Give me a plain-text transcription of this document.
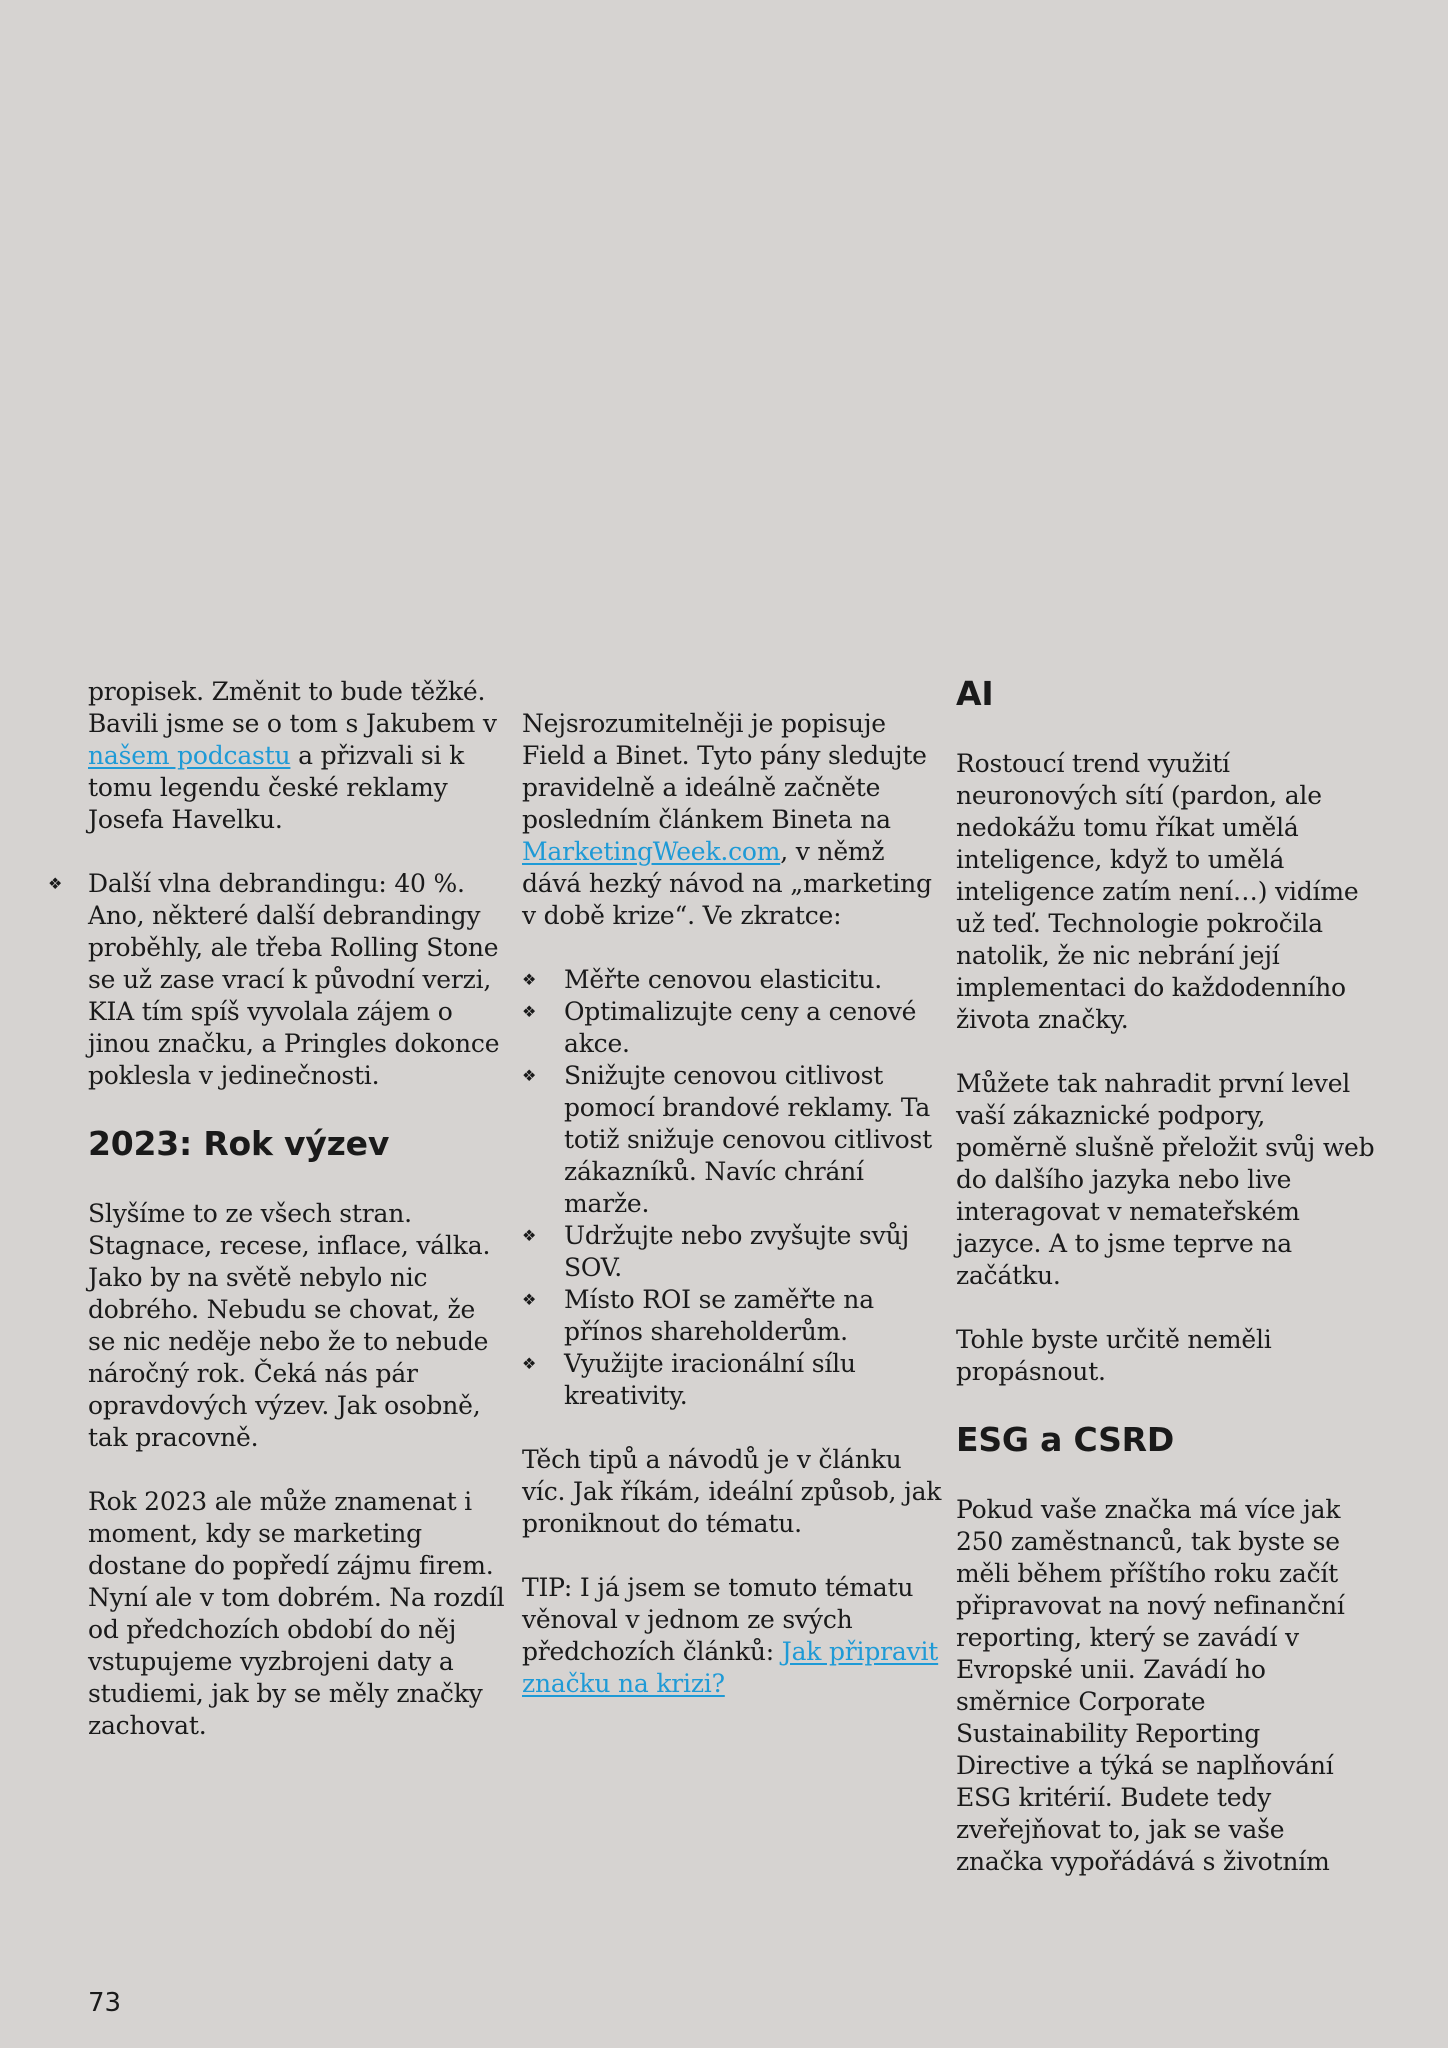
propisek. Změnit to bude těžké. Bavili jsme se o tom s Jakubem v našem podcastu a přizvali si k tomu legendu české reklamy Josefa Havelku.

❖ Další vlna debrandingu: 40 %. Ano, některé další debrandingy proběhly, ale třeba Rolling Stone se už zase vrací k původní verzi, KIA tím spíš vyvolala zájem o jinou značku, a Pringles dokonce poklesla v jedinečnosti.
2023: Rok výzev

Slyšíme to ze všech stran. Stagnace, recese, inflace, válka. Jako by na světě nebylo nic dobrého. Nebudu se chovat, že se nic neděje nebo že to nebude náročný rok. Čeká nás pár opravdových výzev. Jak osobně, tak pracovně.

Rok 2023 ale může znamenat i moment, kdy se marketing dostane do popředí zájmu firem. Nyní ale v tom dobrém. Na rozdíl od předchozích období do něj vstupujeme vyzbrojeni daty a studiemi, jak by se měly značky zachovat.

Nejsrozumitelněji je popisuje Field a Binet. Tyto pány sledujte pravidelně a ideálně začněte posledním článkem Bineta na MarketingWeek.com, v němž dává hezký návod na „marketing v době krize“. Ve zkratce:

❖ Měřte cenovou elasticitu.
❖ Optimalizujte ceny a cenové akce.
❖ Snižujte cenovou citlivost pomocí brandové reklamy. Ta totiž snižuje cenovou citlivost zákazníků. Navíc chrání marže.
❖ Udržujte nebo zvyšujte svůj SOV.
❖ Místo ROI se zaměřte na přínos shareholderům.
❖ Využijte iracionální sílu kreativity.

Těch tipů a návodů je v článku víc. Jak říkám, ideální způsob, jak proniknout do tématu.

TIP: I já jsem se tomuto tématu věnoval v jednom ze svých předchozích článků: Jak připravit značku na krizi?

AI

Rostoucí trend využití neuronových sítí (pardon, ale nedokážu tomu říkat umělá inteligence, když to umělá inteligence zatím není…) vidíme už teď. Technologie pokročila natolik, že nic nebrání její implementaci do každodenního života značky.

Můžete tak nahradit první level vaší zákaznické podpory, poměrně slušně přeložit svůj web do dalšího jazyka nebo live interagovat v nemateřském jazyce. A to jsme teprve na začátku.

Tohle byste určitě neměli propásnout.

ESG a CSRD

Pokud vaše značka má více jak 250 zaměstnanců, tak byste se měli během příštího roku začít připravovat na nový nefinanční reporting, který se zavádí v Evropské unii. Zavádí ho směrnice Corporate Sustainability Reporting Directive a týká se naplňování ESG kritérií. Budete tedy zveřejňovat to, jak se vaše značka vypořádává s životním

73
